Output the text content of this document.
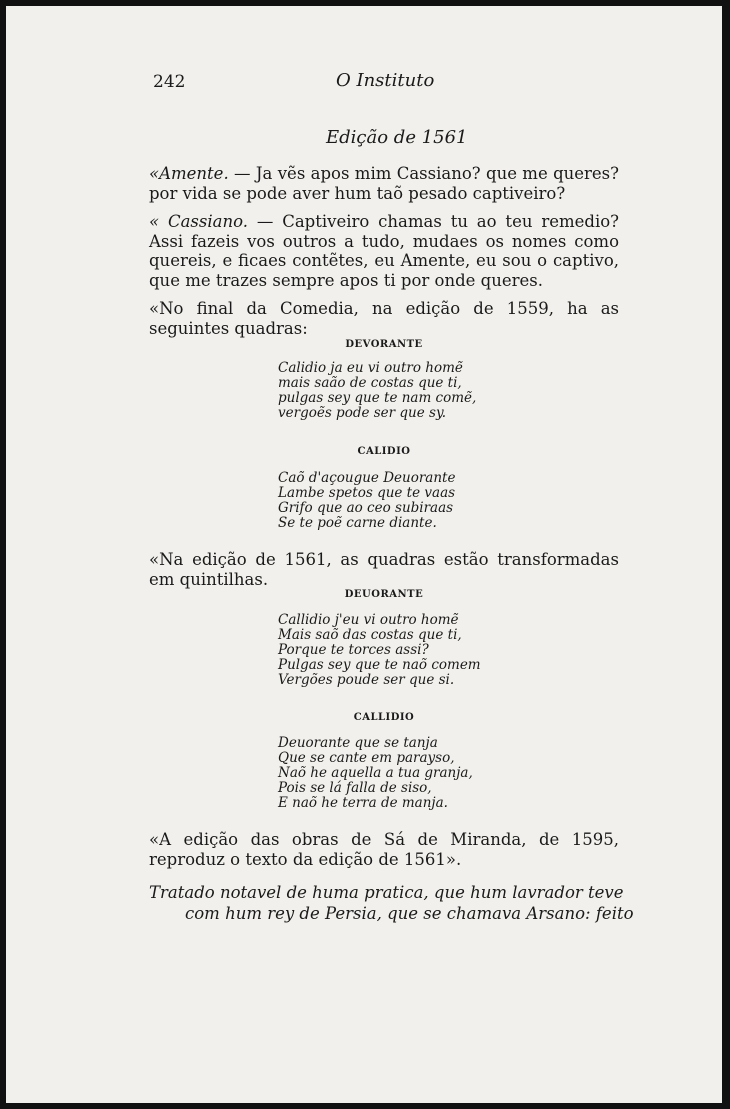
242	O Instituto
Edição de 1561

«Amente. — Ja vẽs apos mim Cassiano? que me queres? por vida se pode aver hum taõ pesado captiveiro?

« Cassiano. — Captiveiro chamas tu ao teu remedio? Assi fazeis vos outros a tudo, mudaes os nomes como quereis, e ficaes contẽtes, eu Amente, eu sou o captivo, que me trazes sempre apos ti por onde queres.

«No final da Comedia, na edição de 1559, ha as seguintes quadras:

DEVORANTE
Calidio ja eu vi outro homẽ
mais saão de costas que ti,
pulgas sey que te nam comẽ,
vergoẽs pode ser que sy.
CALIDIO
Caõ d'açougue Deuorante
Lambe spetos que te vaas
Grifo que ao ceo subiraas
Se te poẽ carne diante.

«Na edição de 1561, as quadras estão transformadas em quintilhas.

DEUORANTE
Callidio j'eu vi outro homẽ
Mais saõ das costas que ti,
Porque te torces assi?
Pulgas sey que te naõ comem
Vergões poude ser que si.
CALLIDIO
Deuorante que se tanja
Que se cante em parayso,
Naõ he aquella a tua granja,
Pois se lá falla de siso,
E naõ he terra de manja.

«A edição das obras de Sá de Miranda, de 1595, reproduz o texto da edição de 1561».

Tratado notavel de huma pratica, que hum lavrador teve
com hum rey de Persia, que se chamava Arsano: feito
